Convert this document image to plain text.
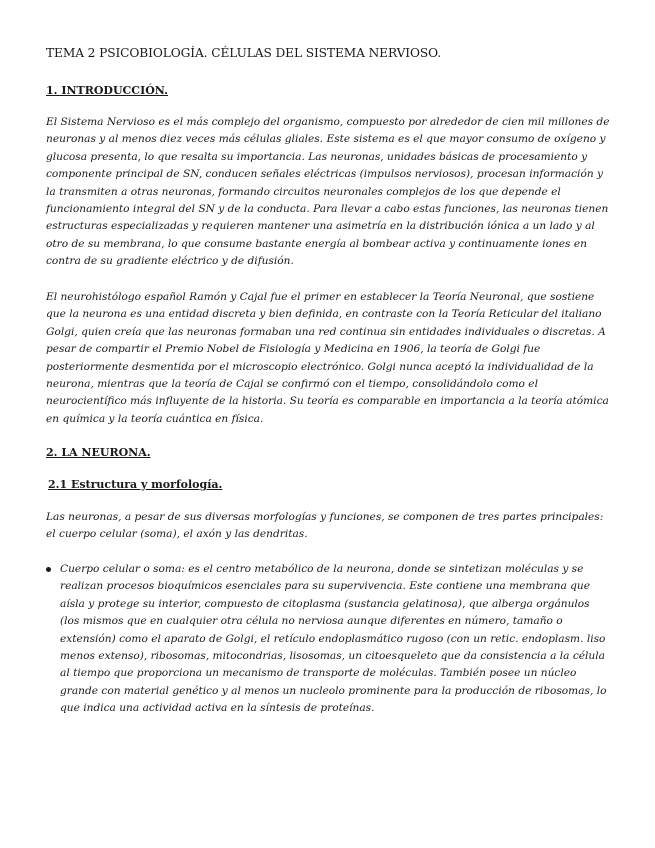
TEMA 2 PSICOBIOLOGÍA. CÉLULAS DEL SISTEMA NERVIOSO.
1. INTRODUCCIÓN.

El Sistema Nervioso es el más complejo del organismo, compuesto por alrededor de cien mil millones de neuronas y al menos diez veces más células gliales. Este sistema es el que mayor consumo de oxígeno y glucosa presenta, lo que resalta su importancia. Las neuronas, unidades básicas de procesamiento y componente principal de SN, conducen señales eléctricas (impulsos nerviosos), procesan información y la transmiten a otras neuronas, formando circuitos neuronales complejos de los que depende el funcionamiento integral del SN y de la conducta. Para llevar a cabo estas funciones, las neuronas tienen estructuras especializadas y requieren mantener una asimetría en la distribución iónica a un lado y al otro de su membrana, lo que consume bastante energía al bombear activa y continuamente iones en contra de su gradiente eléctrico y de difusión.

El neurohistólogo español Ramón y Cajal fue el primer en establecer la Teoría Neuronal, que sostiene que la neurona es una entidad discreta y bien definida, en contraste con la Teoría Reticular del italiano Golgi, quien creía que las neuronas formaban una red continua sin entidades individuales o discretas. A pesar de compartir el Premio Nobel de Fisiología y Medicina en 1906, la teoría de Golgi fue posteriormente desmentida por el microscopio electrónico. Golgi nunca aceptó la individualidad de la neurona, mientras que la teoría de Cajal se confirmó con el tiempo, consolidándolo como el neurocientífico más influyente de la historia. Su teoría es comparable en importancia a la teoría atómica en química y la teoría cuántica en física.

2. LA NEURONA.
2.1 Estructura y morfología.

Las neuronas, a pesar de sus diversas morfologías y funciones, se componen de tres partes principales: el cuerpo celular (soma), el axón y las dendritas.

Cuerpo celular o soma: es el centro metabólico de la neurona, donde se sintetizan moléculas y se realizan procesos bioquímicos esenciales para su supervivencia. Este contiene una membrana que aísla y protege su interior, compuesto de citoplasma (sustancia gelatinosa), que alberga orgánulos (los mismos que en cualquier otra célula no nerviosa aunque diferentes en número, tamaño o extensión) como el aparato de Golgi, el retículo endoplasmático rugoso (con un retic. endoplasm. liso menos extenso), ribosomas, mitocondrias, lisosomas, un citoesqueleto que da consistencia a la célula al tiempo que proporciona un mecanismo de transporte de moléculas. También posee un núcleo grande con material genético y al menos un nucleolo prominente para la producción de ribosomas, lo que indica una actividad activa en la síntesis de proteínas.
